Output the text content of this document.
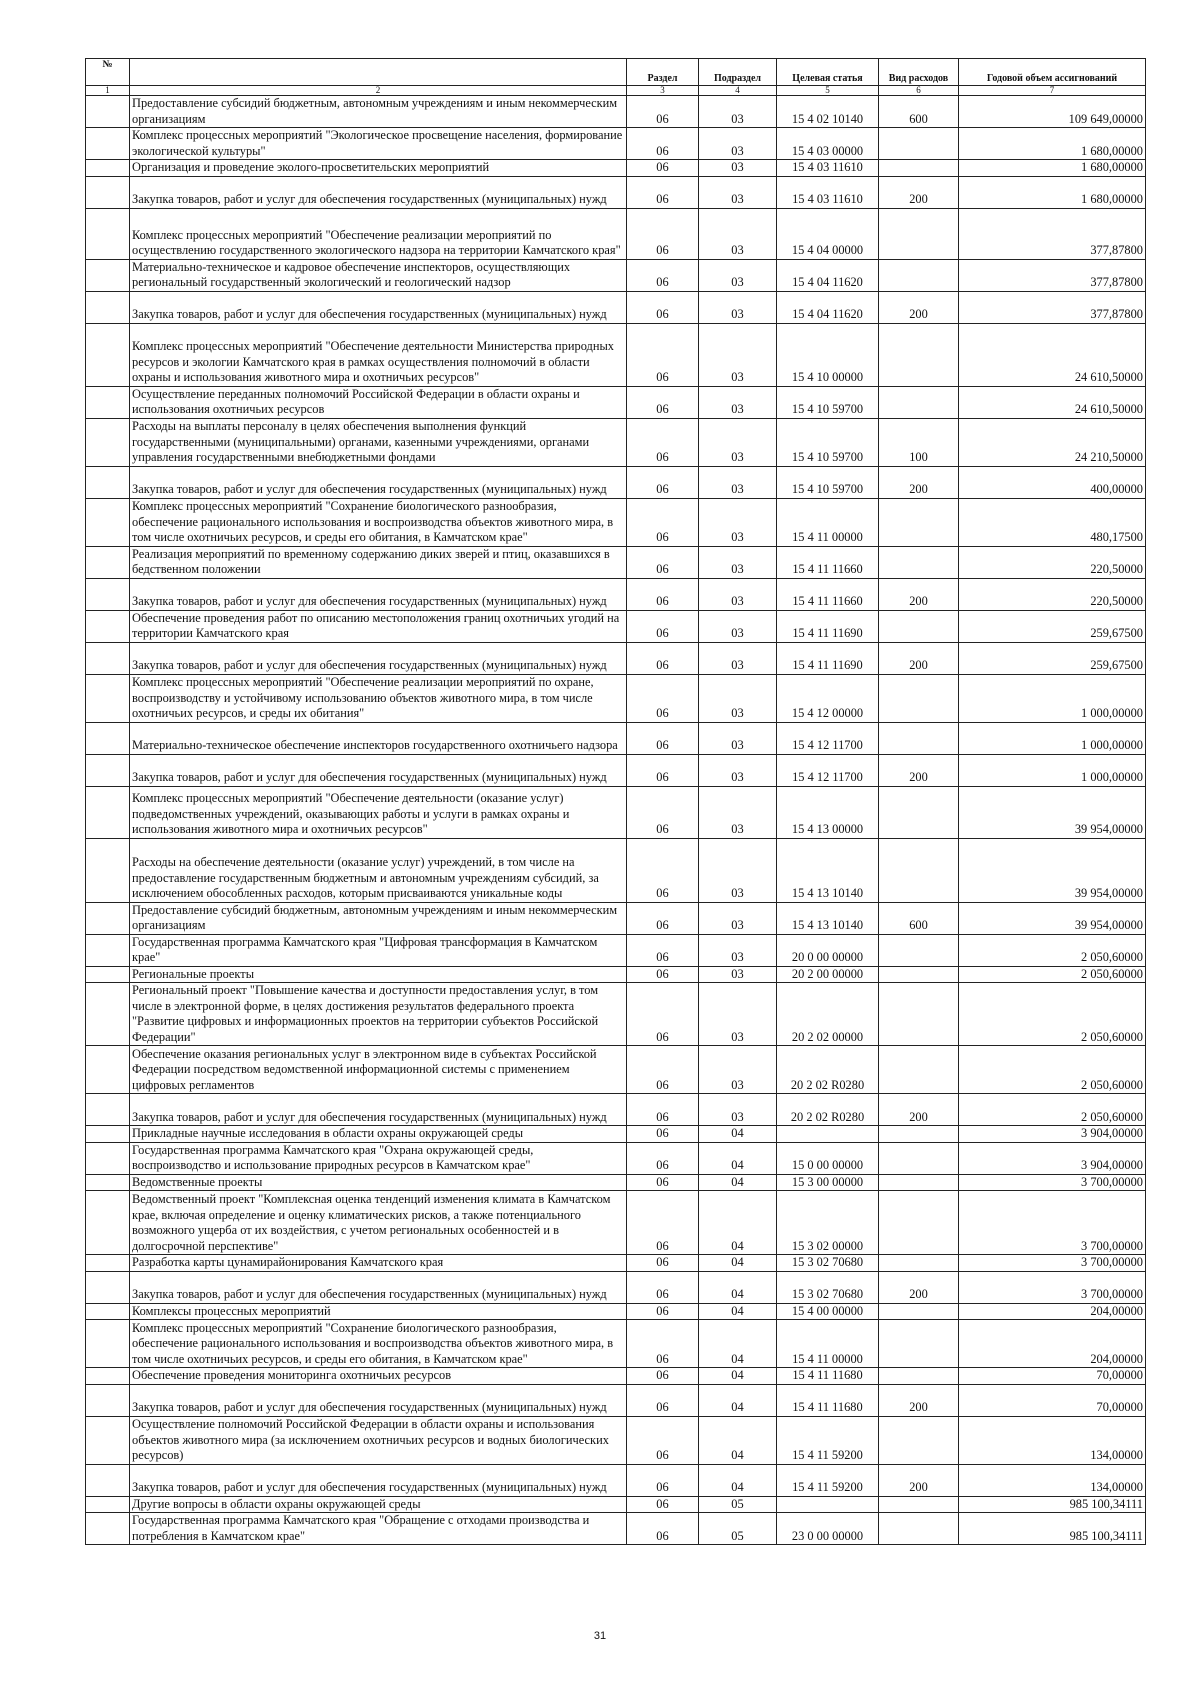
№		Раздел	Подраздел	Целевая статья	Вид расходов	Годовой объем ассигнований
1	2	3	4	5	6	7
	Предоставление субсидий бюджетным, автономным учреждениям и иным некоммерческим организациям	06	03	15 4 02 10140	600	109 649,00000
	Комплекс процессных мероприятий "Экологическое просвещение населения, формирование экологической культуры"	06	03	15 4 03 00000		1 680,00000
	Организация и проведение эколого-просветительских мероприятий	06	03	15 4 03 11610		1 680,00000
	Закупка товаров, работ и услуг для обеспечения государственных (муниципальных) нужд	06	03	15 4 03 11610	200	1 680,00000
	Комплекс процессных мероприятий "Обеспечение реализации мероприятий по осуществлению государственного экологического надзора на территории Камчатского края"	06	03	15 4 04 00000		377,87800
	Материально-техническое и кадровое обеспечение инспекторов, осуществляющих региональный государственный экологический и геологический надзор	06	03	15 4 04 11620		377,87800
	Закупка товаров, работ и услуг для обеспечения государственных (муниципальных) нужд	06	03	15 4 04 11620	200	377,87800
	Комплекс процессных мероприятий "Обеспечение деятельности Министерства природных ресурсов и экологии Камчатского края в рамках осуществления полномочий в области охраны и использования животного мира и охотничьих ресурсов"	06	03	15 4 10 00000		24 610,50000
	Осуществление переданных полномочий Российской Федерации в области охраны и использования охотничьих ресурсов	06	03	15 4 10 59700		24 610,50000
	Расходы на выплаты персоналу в целях обеспечения выполнения функций государственными (муниципальными) органами, казенными учреждениями, органами управления государственными внебюджетными фондами	06	03	15 4 10 59700	100	24 210,50000
	Закупка товаров, работ и услуг для обеспечения государственных (муниципальных) нужд	06	03	15 4 10 59700	200	400,00000
	Комплекс процессных мероприятий "Сохранение биологического разнообразия, обеспечение рационального использования и воспроизводства объектов животного мира, в том числе охотничьих ресурсов, и среды его обитания, в Камчатском крае"	06	03	15 4 11 00000		480,17500
	Реализация мероприятий по временному содержанию диких зверей и птиц, оказавшихся в бедственном положении	06	03	15 4 11 11660		220,50000
	Закупка товаров, работ и услуг для обеспечения государственных (муниципальных) нужд	06	03	15 4 11 11660	200	220,50000
	Обеспечение проведения работ по описанию местоположения границ охотничьих угодий на территории Камчатского края	06	03	15 4 11 11690		259,67500
	Закупка товаров, работ и услуг для обеспечения государственных (муниципальных) нужд	06	03	15 4 11 11690	200	259,67500
	Комплекс процессных мероприятий "Обеспечение реализации мероприятий по охране, воспроизводству и устойчивому использованию объектов животного мира, в том числе охотничьих ресурсов, и среды их обитания"	06	03	15 4 12 00000		1 000,00000
	Материально-техническое обеспечение инспекторов государственного охотничьего надзора	06	03	15 4 12 11700		1 000,00000
	Закупка товаров, работ и услуг для обеспечения государственных (муниципальных) нужд	06	03	15 4 12 11700	200	1 000,00000
	Комплекс процессных мероприятий "Обеспечение деятельности (оказание услуг) подведомственных учреждений, оказывающих работы и услуги в рамках охраны и использования животного мира и охотничьих ресурсов"	06	03	15 4 13 00000		39 954,00000
	Расходы на обеспечение деятельности (оказание услуг) учреждений, в том числе на предоставление государственным бюджетным и автономным учреждениям субсидий, за исключением обособленных расходов, которым присваиваются уникальные коды	06	03	15 4 13 10140		39 954,00000
	Предоставление субсидий бюджетным, автономным учреждениям и иным некоммерческим организациям	06	03	15 4 13 10140	600	39 954,00000
	Государственная программа Камчатского края "Цифровая трансформация в Камчатском крае"	06	03	20 0 00 00000		2 050,60000
	Региональные проекты	06	03	20 2 00 00000		2 050,60000
	Региональный проект "Повышение качества и доступности предоставления услуг, в том числе в электронной форме, в целях достижения результатов федерального проекта "Развитие цифровых и информационных проектов на территории субъектов Российской Федерации"	06	03	20 2 02 00000		2 050,60000
	Обеспечение оказания региональных услуг в электронном виде в субъектах Российской Федерации посредством ведомственной информационной системы с применением цифровых регламентов	06	03	20 2 02 R0280		2 050,60000
	Закупка товаров, работ и услуг для обеспечения государственных (муниципальных) нужд	06	03	20 2 02 R0280	200	2 050,60000
	Прикладные научные исследования в области охраны окружающей среды	06	04			3 904,00000
	Государственная программа Камчатского края "Охрана окружающей среды, воспроизводство и использование природных ресурсов в Камчатском крае"	06	04	15 0 00 00000		3 904,00000
	Ведомственные проекты	06	04	15 3 00 00000		3 700,00000
	Ведомственный проект "Комплексная оценка тенденций изменения климата в Камчатском крае, включая определение и оценку климатических рисков, а также потенциального возможного ущерба от их воздействия, с учетом региональных особенностей и в долгосрочной перспективе"	06	04	15 3 02 00000		3 700,00000
	Разработка карты цунамирайонирования Камчатского края	06	04	15 3 02 70680		3 700,00000
	Закупка товаров, работ и услуг для обеспечения государственных (муниципальных) нужд	06	04	15 3 02 70680	200	3 700,00000
	Комплексы процессных мероприятий	06	04	15 4 00 00000		204,00000
	Комплекс процессных мероприятий "Сохранение биологического разнообразия, обеспечение рационального использования и воспроизводства объектов животного мира, в том числе охотничьих ресурсов, и среды его обитания, в Камчатском крае"	06	04	15 4 11 00000		204,00000
	Обеспечение проведения мониторинга охотничьих ресурсов	06	04	15 4 11 11680		70,00000
	Закупка товаров, работ и услуг для обеспечения государственных (муниципальных) нужд	06	04	15 4 11 11680	200	70,00000
	Осуществление полномочий Российской Федерации в области охраны и использования объектов животного мира (за исключением охотничьих ресурсов и водных биологических ресурсов)	06	04	15 4 11 59200		134,00000
	Закупка товаров, работ и услуг для обеспечения государственных (муниципальных) нужд	06	04	15 4 11 59200	200	134,00000
	Другие вопросы в области охраны окружающей среды	06	05			985 100,34111
	Государственная программа Камчатского края "Обращение с отходами производства и потребления в Камчатском крае"	06	05	23 0 00 00000		985 100,34111
31
